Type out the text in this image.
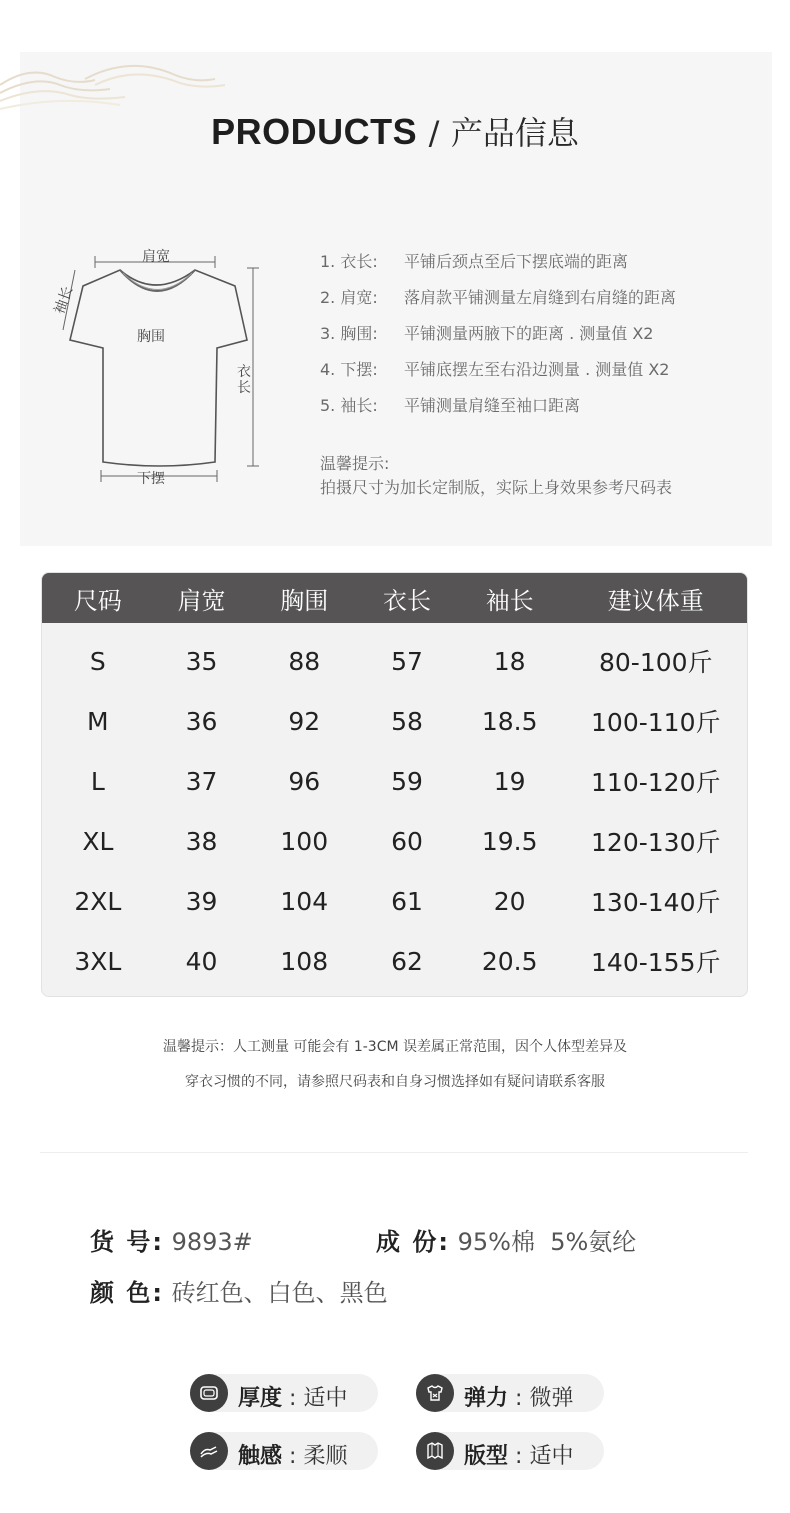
PRODUCTS / 产品信息
肩宽
袖长
胸围
衣长
下摆
1. 衣长: 平铺后颈点至后下摆底端的距离
2. 肩宽: 落肩款平铺测量左肩缝到右肩缝的距离
3. 胸围: 平铺测量两腋下的距离 . 测量值 X2
4. 下摆: 平铺底摆左至右沿边测量 . 测量值 X2
5. 袖长: 平铺测量肩缝至袖口距离
温馨提示:
拍摄尺寸为加长定制版，实际上身效果参考尺码表
尺码	肩宽	胸围	衣长	袖长	建议体重
S	35	88	57	18	80-100斤
M	36	92	58	18.5	100-110斤
L	37	96	59	19	110-120斤
XL	38	100	60	19.5	120-130斤
2XL	39	104	61	20	130-140斤
3XL	40	108	62	20.5	140-155斤
温馨提示：人工测量 可能会有 1-3CM 误差属正常范围，因个人体型差异及
穿衣习惯的不同，请参照尺码表和自身习惯选择如有疑问请联系客服
货 号: 9893#	成 份: 95%棉  5%氨纶
颜 色: 砖红色、白色、黑色
厚度 : 适中	弹力 : 微弹
触感 : 柔顺	版型 : 适中
